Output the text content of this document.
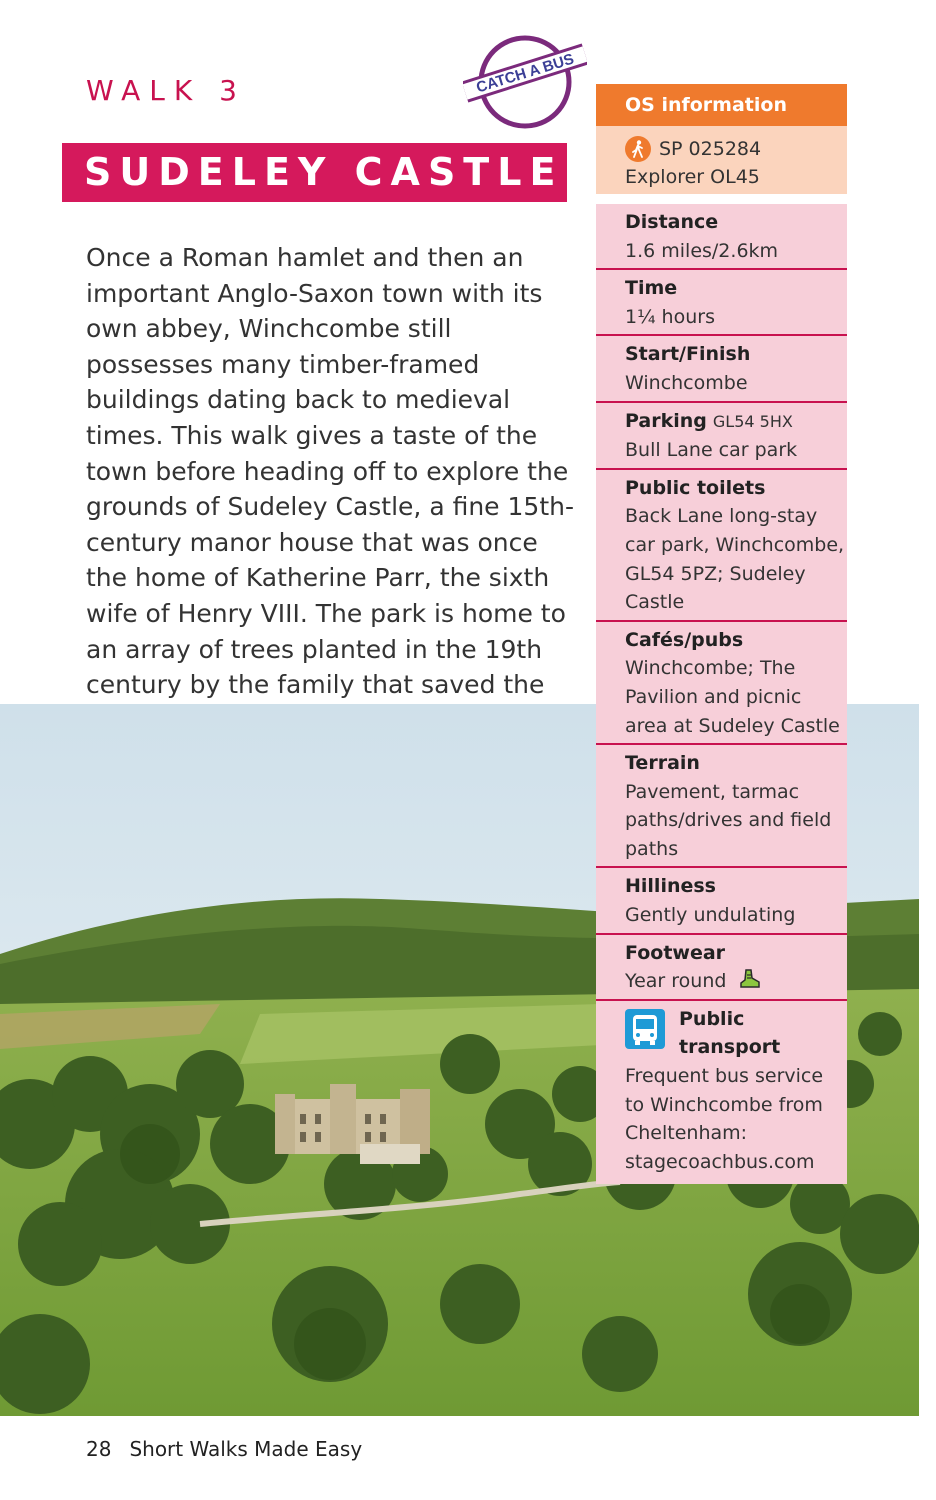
WALK 3	CATCH A BUS
SUDELEY CASTLE
Once a Roman hamlet and then an important Anglo-Saxon town with its own abbey, Winchcombe still possesses many timber-framed buildings dating back to medieval times. This walk gives a taste of the town before heading off to explore the grounds of Sudeley Castle, a fine 15th-century manor house that was once the home of Katherine Parr, the sixth wife of Henry VIII. The park is home to an array of trees planted in the 19th century by the family that saved the
OS information
SP 025284
Explorer OL45
Distance
1.6 miles/2.6km
Time
1¼ hours
Start/Finish
Winchcombe
Parking GL54 5HX
Bull Lane car park
Public toilets
Back Lane long-stay car park, Winchcombe, GL54 5PZ; Sudeley Castle
Cafés/pubs
Winchcombe; The Pavilion and picnic area at Sudeley Castle
Terrain
Pavement, tarmac paths/drives and field paths
Hilliness
Gently undulating
Footwear
Year round
Public transport
Frequent bus service to Winchcombe from Cheltenham: stagecoachbus.com
28 Short Walks Made Easy
